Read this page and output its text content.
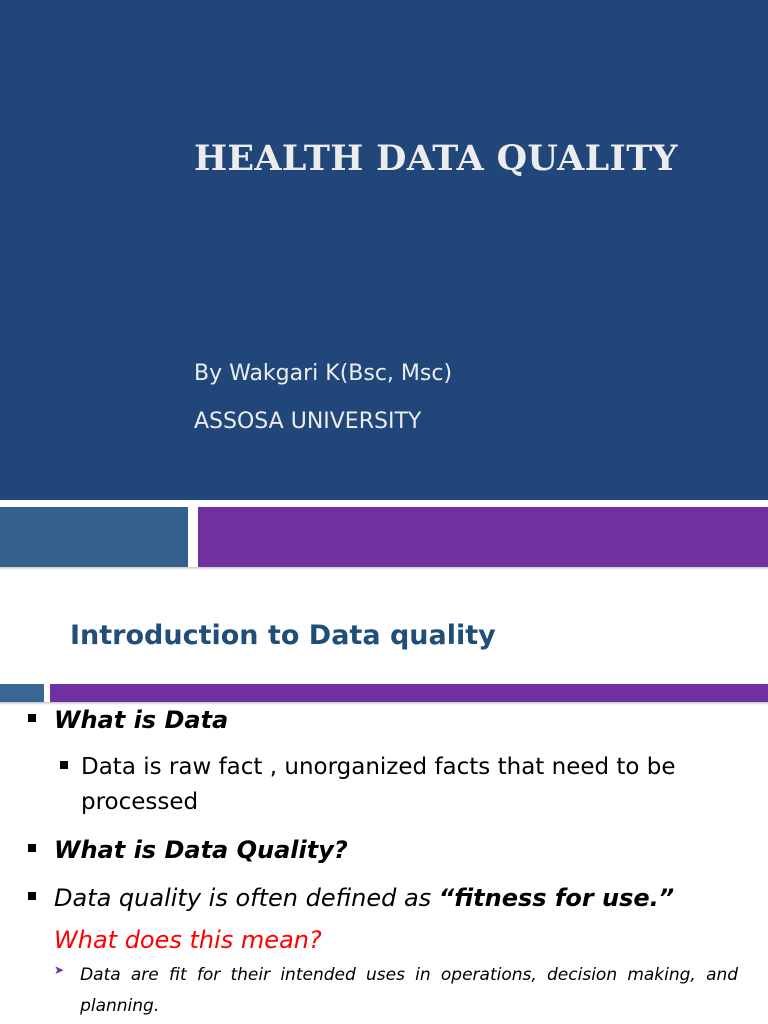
HEALTH DATA QUALITY
By Wakgari K(Bsc, Msc)
ASSOSA UNIVERSITY
Introduction to Data quality
What is Data
Data is raw fact , unorganized facts that need to be processed
What is Data Quality?
Data quality is often defined as “fitness for use.”
What does this mean?
➤ Data are fit for their intended uses in operations, decision making, and planning.
